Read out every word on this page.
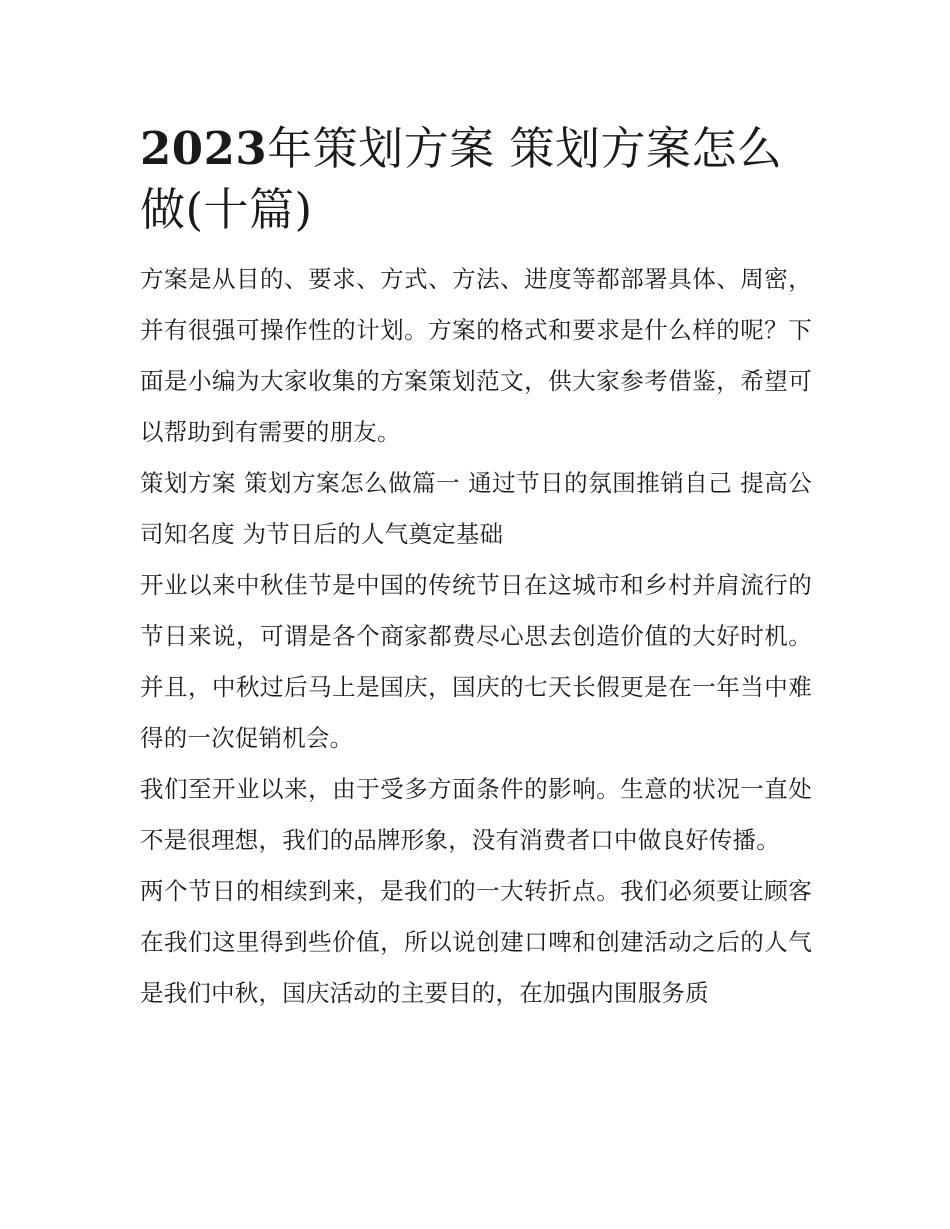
2023年策划方案 策划方案怎么做(十篇)

方案是从目的、要求、方式、方法、进度等都部署具体、周密，并有很强可操作性的计划。方案的格式和要求是什么样的呢？下面是小编为大家收集的方案策划范文，供大家参考借鉴，希望可以帮助到有需要的朋友。

策划方案 策划方案怎么做篇一 通过节日的氛围推销自己 提高公司知名度 为节日后的人气奠定基础

开业以来中秋佳节是中国的传统节日在这城市和乡村并肩流行的节日来说，可谓是各个商家都费尽心思去创造价值的大好时机。并且，中秋过后马上是国庆，国庆的七天长假更是在一年当中难得的一次促销机会。

我们至开业以来，由于受多方面条件的影响。生意的状况一直处不是很理想，我们的品牌形象，没有消费者口中做良好传播。

两个节日的相续到来，是我们的一大转折点。我们必须要让顾客在我们这里得到些价值，所以说创建口啤和创建活动之后的人气是我们中秋，国庆活动的主要目的，在加强内围服务质
